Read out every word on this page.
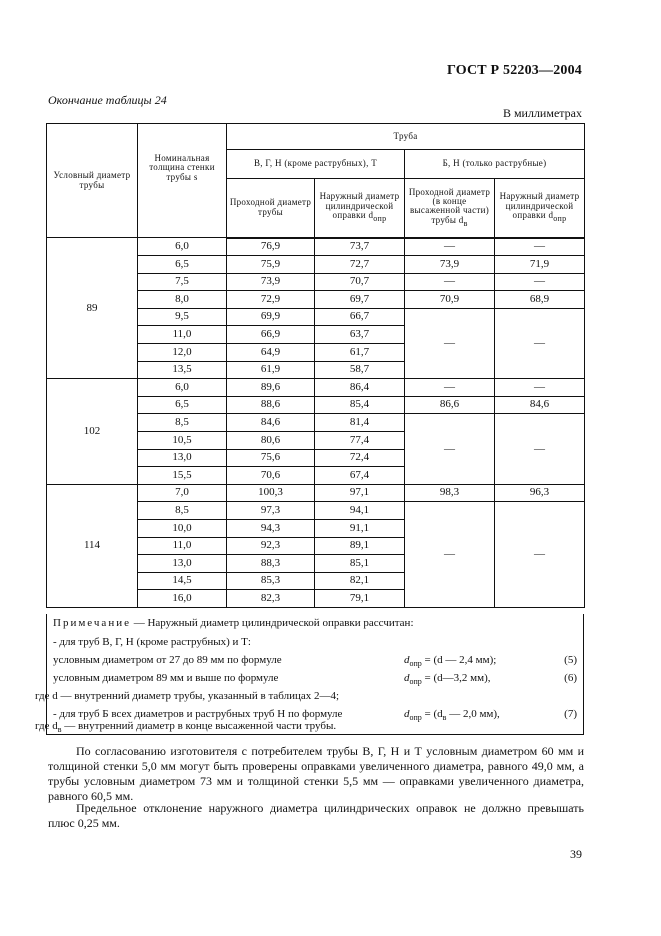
ГОСТ Р 52203—2004
Окончание таблицы 24
В миллиметрах
Условный диаметр трубы	Номинальная толщина стенки трубы s	Труба			
		В, Г, Н (кроме раструбных), Т		Б, Н (только раструбные)	
		Проходной диаметр трубы	Наружный диаметр цилиндрической оправки $d_{опр}$	Проходной диаметр (в конце высаженной части) трубы $d_в$	Наружный диаметр цилиндрической оправки $d_{опр}$
89	6,0	76,9	73,7	—	—
	6,5	75,9	72,7	73,9	71,9
	7,5	73,9	70,7	—	—
	8,0	72,9	69,7	70,9	68,9
	9,5	69,9	66,7	—	—
	11,0	66,9	63,7		
	12,0	64,9	61,7		
	13,5	61,9	58,7		
102	6,0	89,6	86,4	—	—
	6,5	88,6	85,4	86,6	84,6
	8,5	84,6	81,4	—	—
	10,5	80,6	77,4		
	13,0	75,6	72,4		
	15,5	70,6	67,4		
114	7,0	100,3	97,1	98,3	96,3
	8,5	97,3	94,1	—	—
	10,0	94,3	91,1		
	11,0	92,3	89,1		
	13,0	88,3	85,1		
	14,5	85,3	82,1		
	16,0	82,3	79,1		
Примечание — Наружный диаметр цилиндрической оправки рассчитан:
- для труб В, Г, Н (кроме раструбных) и Т:
условным диаметром от 27 до 89 мм по формуле	$d_{опр} = (d$ — 2,4 мм);	(5)
условным диаметром 89 мм и выше по формуле	$d_{опр}$ = (d—3,2 мм),	(6)
где d — внутренний диаметр трубы, указанный в таблицах 2—4;
- для труб Б всех диаметров и раструбных труб Н по формуле	$d_{опр} = (d_в$ — 2,0 мм),	(7)
где $d_в$ — внутренний диаметр в конце высаженной части трубы.
По согласованию изготовителя с потребителем трубы В, Г, Н и Т условным диаметром 60 мм и толщиной стенки 5,0 мм могут быть проверены оправками увеличенного диаметра, равного 49,0 мм, а трубы условным диаметром 73 мм и толщиной стенки 5,5 мм — оправками увеличенного диаметра, равного 60,5 мм.
Предельное отклонение наружного диаметра цилиндрических оправок не должно превышать плюс 0,25 мм.
39
